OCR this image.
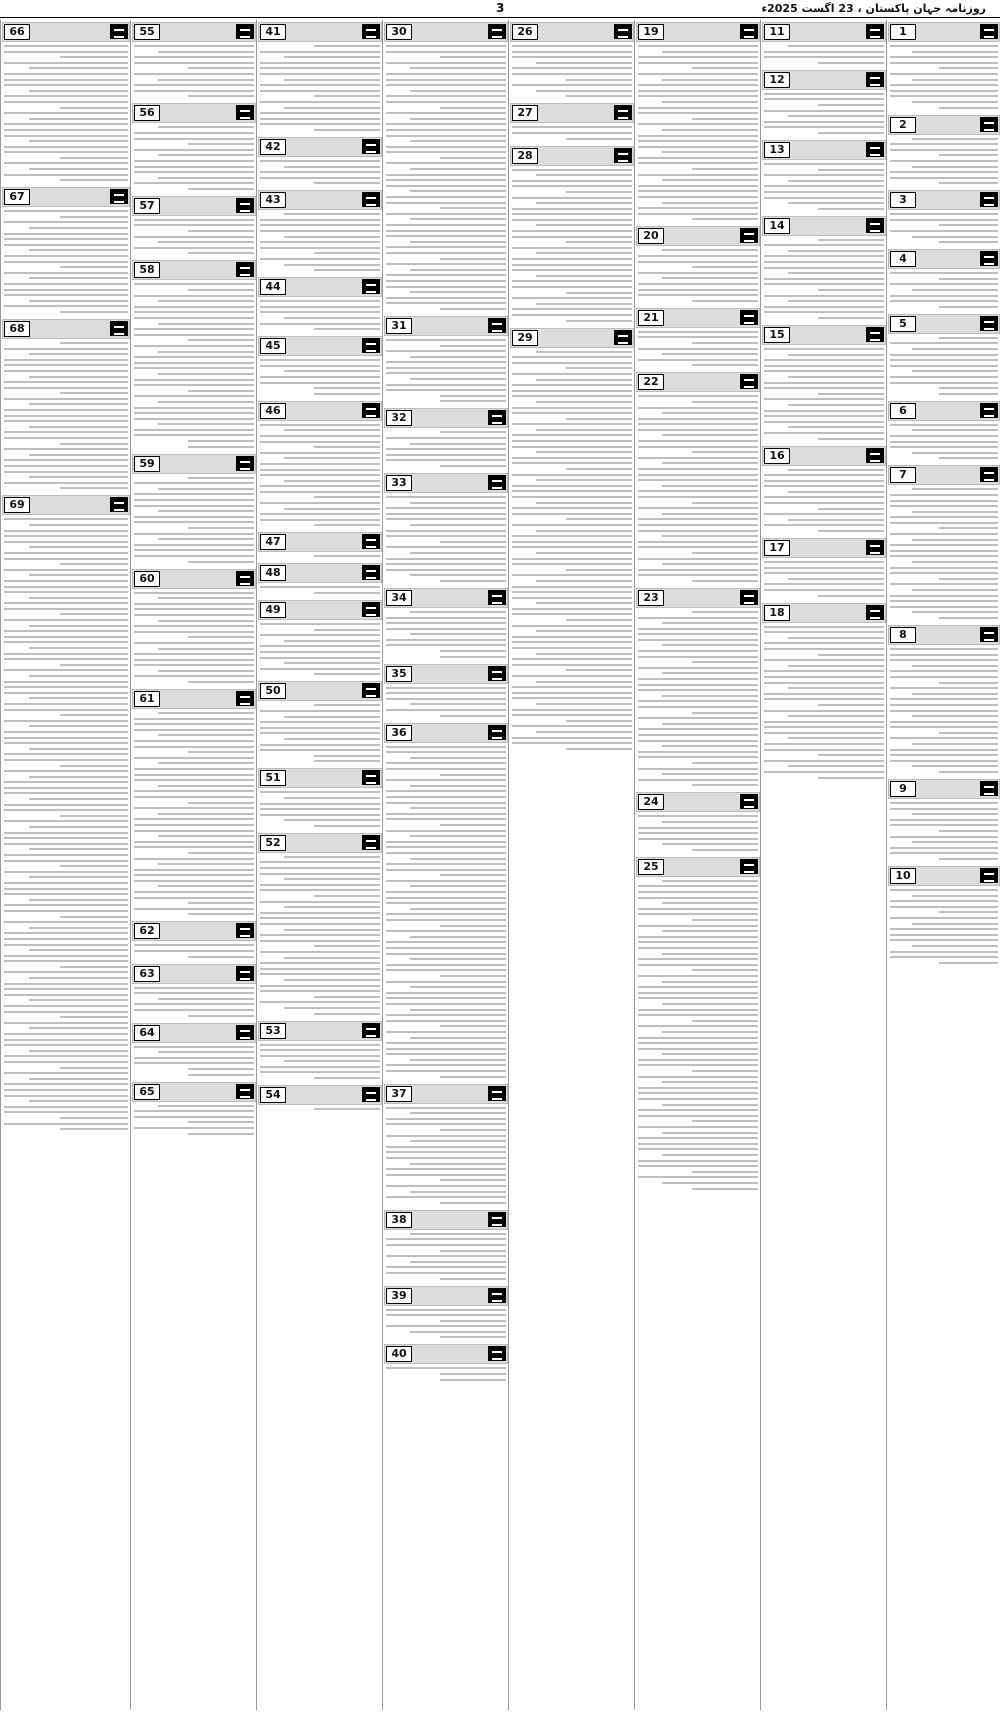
روزنامہ جہان پاکستان ، 23 اگست 2025ء
3
1
2
3
4
5
6
7
8
9
10
11
12
13
14
15
16
17
18
19
20
21
22
23
24
25
26
27
28
29
30
31
32
33
34
35
36
37
38
39
40
41
42
43
44
45
46
47
48
49
50
51
52
53
54
55
56
57
58
59
60
61
62
63
64
65
66
67
68
69
